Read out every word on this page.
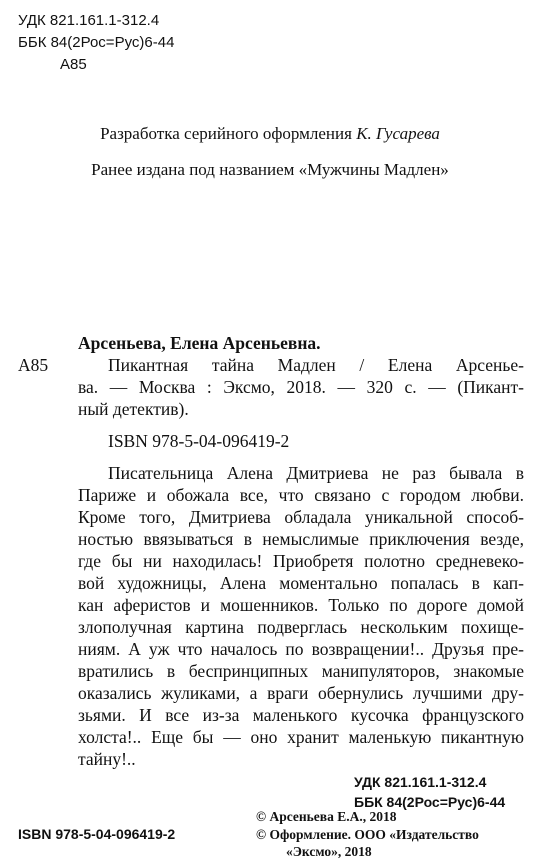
УДК 821.161.1-312.4
ББК 84(2Рос=Рус)6-44
А85
Разработка серийного оформления К. Гусарева
Ранее издана под названием «Мужчины Мадлен»
А85
Арсеньева, Елена Арсеньевна.
Пикантная тайна Мадлен / Елена Арсенье-
ва. — Москва : Эксмо, 2018. — 320 с. — (Пикант-
ный детектив).
ISBN 978-5-04-096419-2
Писательница Алена Дмитриева не раз бывала в
Париже и обожала все, что связано с городом любви.
Кроме того, Дмитриева обладала уникальной способ-
ностью ввязываться в немыслимые приключения везде,
где бы ни находилась! Приобретя полотно средневеко-
вой художницы, Алена моментально попалась в кап-
кан аферистов и мошенников. Только по дороге домой
злополучная картина подверглась нескольким похище-
ниям. А уж что началось по возвращении!.. Друзья пре-
вратились в беспринципных манипуляторов, знакомые
оказались жуликами, а враги обернулись лучшими дру-
зьями. И все из-за маленького кусочка французского
холста!.. Еще бы — оно хранит маленькую пикантную
тайну!..
УДК 821.161.1-312.4
ББК 84(2Рос=Рус)6-44
ISBN 978-5-04-096419-2
© Арсеньева Е.А., 2018
© Оформление. ООО «Издательство
«Эксмо», 2018
